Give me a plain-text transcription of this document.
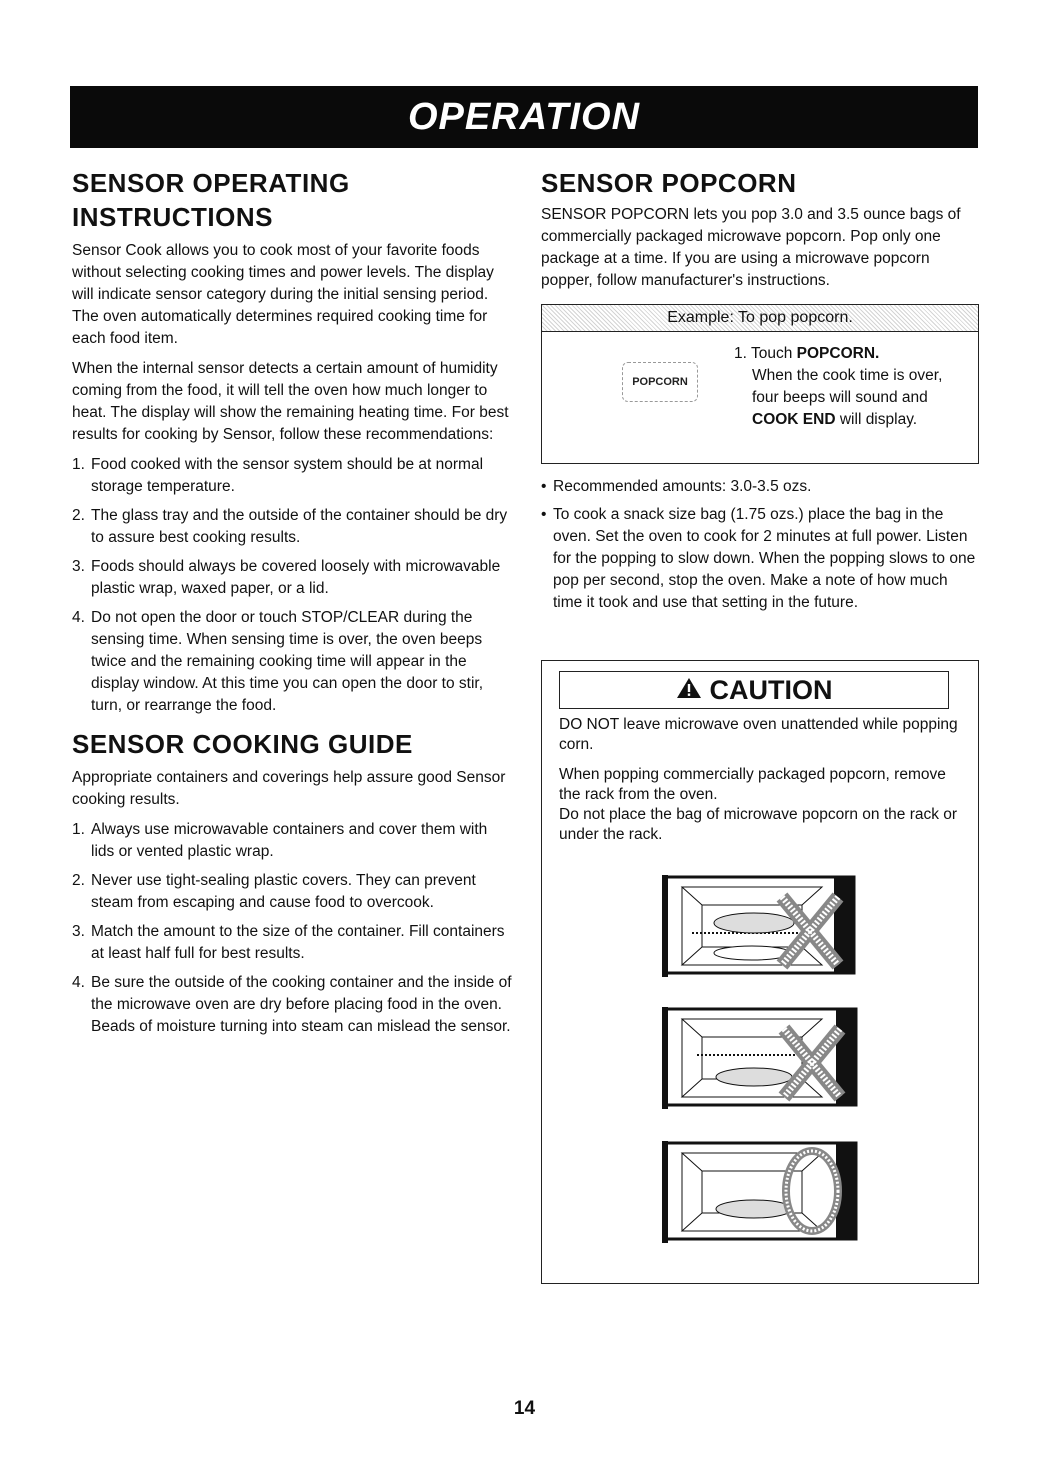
OPERATION
SENSOR OPERATING INSTRUCTIONS

Sensor Cook allows you to cook most of your favorite foods without selecting cooking times and power levels. The display will indicate sensor category during the initial sensing period. The oven automatically determines required cooking time for each food item.

When the internal sensor detects a certain amount of humidity coming from the food, it will tell the oven how much longer to heat. The display will show the remaining heating time. For best results for cooking by Sensor, follow these recommendations:

1. Food cooked with the sensor system should be at normal storage temperature.
2. The glass tray and the outside of the container should be dry to assure best cooking results.
3. Foods should always be covered loosely with microwavable plastic wrap, waxed paper, or a lid.
4. Do not open the door or touch STOP/CLEAR during the sensing time. When sensing time is over, the oven beeps twice and the remaining cooking time will appear in the display window. At this time you can open the door to stir, turn, or rearrange the food.
SENSOR COOKING GUIDE

Appropriate containers and coverings help assure good Sensor cooking results.

1. Always use microwavable containers and cover them with lids or vented plastic wrap.
2. Never use tight-sealing plastic covers. They can prevent steam from escaping and cause food to overcook.
3. Match the amount to the size of the container. Fill containers at least half full for best results.
4. Be sure the outside of the cooking container and the inside of the microwave oven are dry before placing food in the oven. Beads of moisture turning into steam can mislead the sensor.
SENSOR POPCORN

SENSOR POPCORN lets you pop 3.0 and 3.5 ounce bags of commercially packaged microwave popcorn. Pop only one package at a time. If you are using a microwave popcorn popper, follow manufacturer's instructions.

Example: To pop popcorn.
POPCORN
1. Touch POPCORN.
When the cook time is over,
four beeps will sound and
COOK END will display.
• Recommended amounts: 3.0-3.5 ozs.
• To cook a snack size bag (1.75 ozs.) place the bag in the oven. Set the oven to cook for 2 minutes at full power. Listen for the popping to slow down. When the popping slows to one pop per second, stop the oven. Make a note of how much time it took and use that setting in the future.
CAUTION

DO NOT leave microwave oven unattended while popping corn.

When popping commercially packaged popcorn, remove the rack from the oven.

Do not place the bag of microwave popcorn on the rack or under the rack.

14
